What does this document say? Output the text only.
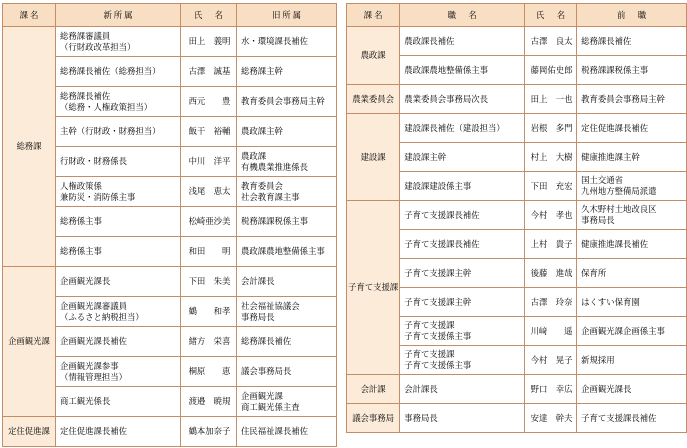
課名	新所属	氏　名	旧所属
総務課	総務課審議員
（行財政改革担当）	田上　義明	水・環境課長補佐

	総務課長補佐（総務担当）	古澤　誠基	総務課主幹

	総務課長補佐
（総務・人権政策担当）	西元　　豊	教育委員会事務局主幹

	主幹（行財政・財務担当）	飯干　裕輔	農政課主幹

	行財政・財務係長	中川　洋平	農政課
有機農業推進係長

	人権政策係
兼防災・消防係主事	浅尾　恵太	教育委員会
社会教育課主事

	総務係主事	松崎亜沙美	税務課課税係主事

	総務係主事	和田　　明	農政課農地整備係主事

企画観光課	企画観光課長	下田　朱美	会計課長

	企画観光課審議員
（ふるさと納税担当）	鶴　　和孝	社会福祉協議会
事務局長

	企画観光課長補佐	緒方　栄喜	総務課長補佐

	企画観光課参事
（情報管理担当）	桐原　　恵	議会事務局長

	商工観光係長	渡邉　暁規	企画観光課
商工観光係主査

定住促進課	定住促進課長補佐	鶴本加奈子	住民福祉課長補佐
課名	職　名	氏　名	前　職
農政課	農政課長補佐	古澤　良太	総務課長補佐

	農政課農地整備係主事	藤岡佑史郎	税務課課税係主事

農業委員会	農業委員会事務局次長	田上　一也	教育委員会事務局主幹

建設課	建設課長補佐（建設担当）	岩根　多門	定住促進課長補佐

	建設課主幹	村上　大樹	健康推進課主幹

	建設課建設係主事	下田　充宏	国土交通省
九州地方整備局派遣

子育て支援課	子育て支援課長補佐	今村　孝也	久木野村土地改良区
事務局長

	子育て支援課長補佐	上村　貴子	健康推進課長補佐

	子育て支援課主幹	後藤　進哉	保育所

	子育て支援課主幹	古澤　玲奈	はくすい保育園

	子育て支援課
子育て支援係主事	川﨑　　遥	企画観光課企画係主事

	子育て支援課
子育て支援係主事	今村　晃子	新規採用

会計課	会計課長	野口　幸広	企画観光課長

議会事務局	事務局長	安達　幹夫	子育て支援課長補佐
